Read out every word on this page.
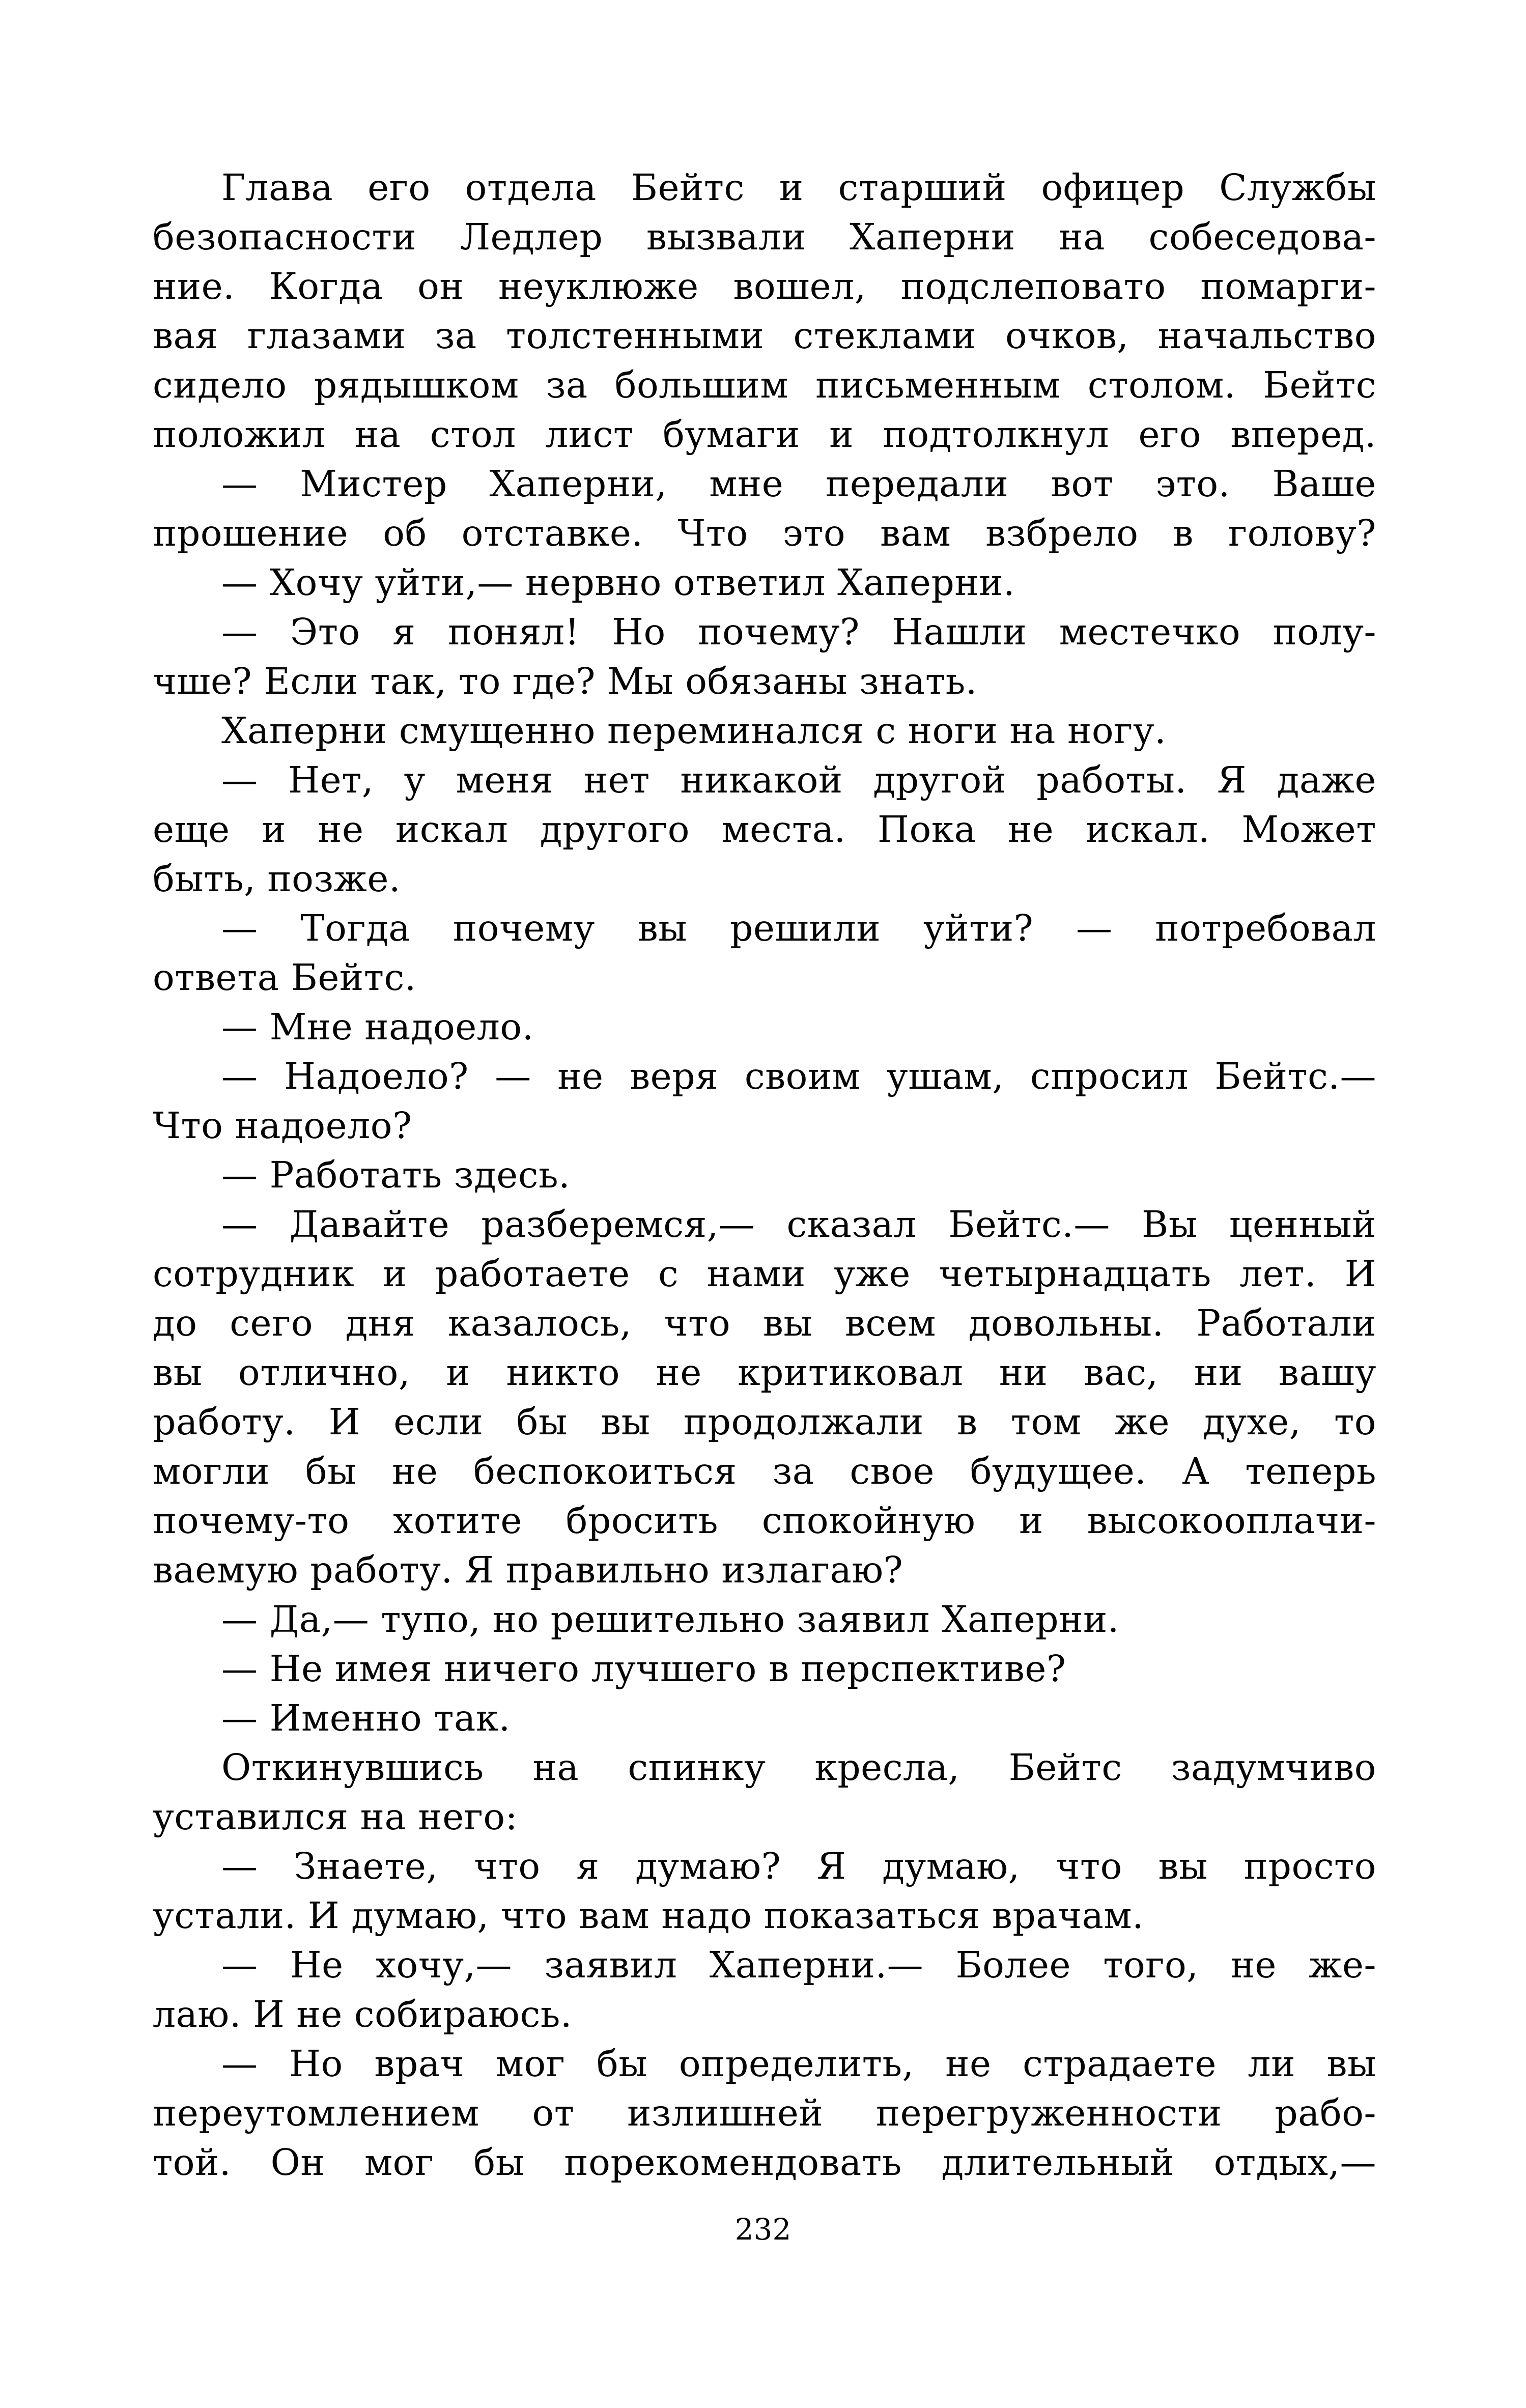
Глава его отдела Бейтс и старший офицер Службы
безопасности Ледлер вызвали Хаперни на собеседова-
ние. Когда он неуклюже вошел, подслеповато помарги-
вая глазами за толстенными стеклами очков, начальство
сидело рядышком за большим письменным столом. Бейтс
положил на стол лист бумаги и подтолкнул его вперед.
— Мистер Хаперни, мне передали вот это. Ваше
прошение об отставке. Что это вам взбрело в голову?
— Хочу уйти,— нервно ответил Хаперни.
— Это я понял! Но почему? Нашли местечко полу-
чше? Если так, то где? Мы обязаны знать.
Хаперни смущенно переминался с ноги на ногу.
— Нет, у меня нет никакой другой работы. Я даже
еще и не искал другого места. Пока не искал. Может
быть, позже.
— Тогда почему вы решили уйти? — потребовал
ответа Бейтс.
— Мне надоело.
— Надоело? — не веря своим ушам, спросил Бейтс.—
Что надоело?
— Работать здесь.
— Давайте разберемся,— сказал Бейтс.— Вы ценный
сотрудник и работаете с нами уже четырнадцать лет. И
до сего дня казалось, что вы всем довольны. Работали
вы отлично, и никто не критиковал ни вас, ни вашу
работу. И если бы вы продолжали в том же духе, то
могли бы не беспокоиться за свое будущее. А теперь
почему-то хотите бросить спокойную и высокооплачи-
ваемую работу. Я правильно излагаю?
— Да,— тупо, но решительно заявил Хаперни.
— Не имея ничего лучшего в перспективе?
— Именно так.
Откинувшись на спинку кресла, Бейтс задумчиво
уставился на него:
— Знаете, что я думаю? Я думаю, что вы просто
устали. И думаю, что вам надо показаться врачам.
— Не хочу,— заявил Хаперни.— Более того, не же-
лаю. И не собираюсь.
— Но врач мог бы определить, не страдаете ли вы
переутомлением от излишней перегруженности рабо-
той. Он мог бы порекомендовать длительный отдых,—
232
